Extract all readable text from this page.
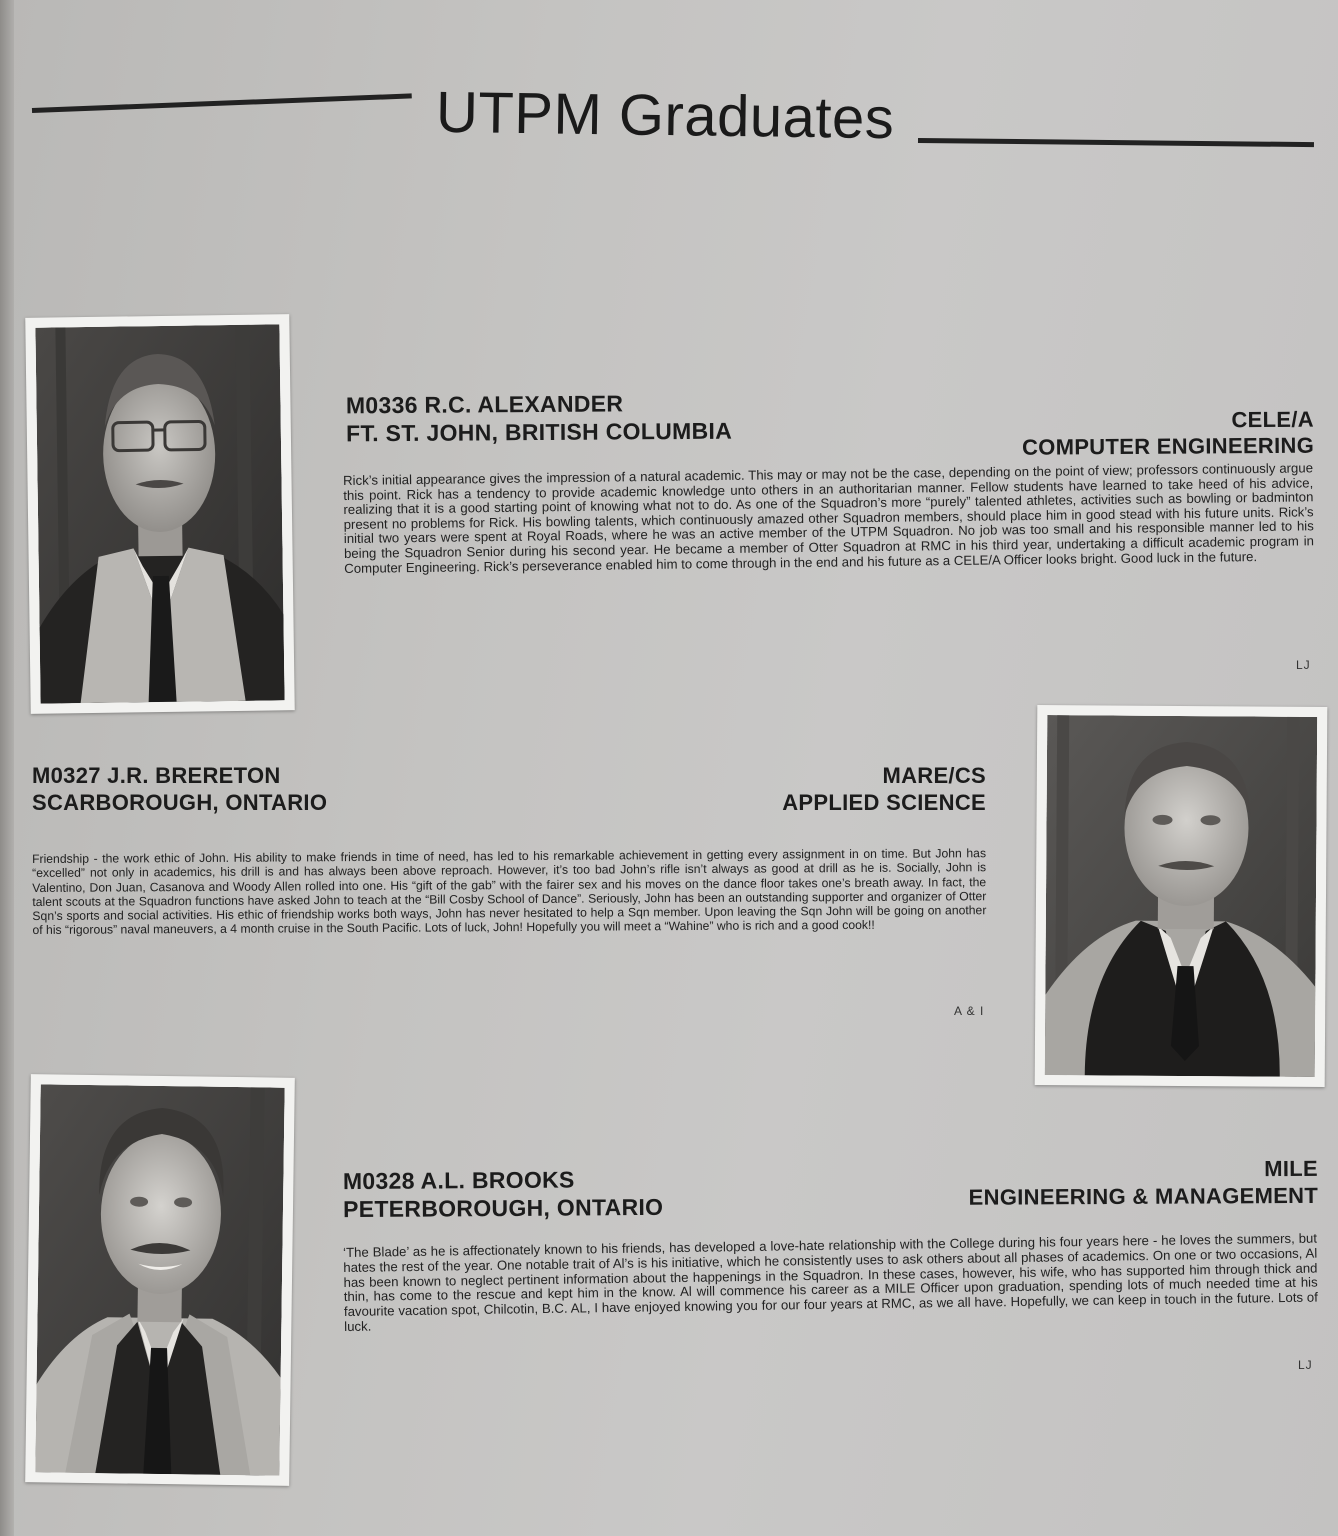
UTPM Graduates
M0336 R.C. ALEXANDER
FT. ST. JOHN, BRITISH COLUMBIA	CELE/A
COMPUTER ENGINEERING
Rick’s initial appearance gives the impression of a natural academic. This may or may not be the case, depending on the point of view; professors continuously argue this point. Rick has a tendency to provide academic knowledge unto others in an authoritarian manner. Fellow students have learned to take heed of his advice, realizing that it is a good starting point of knowing what not to do. As one of the Squadron’s more “purely” talented athletes, activities such as bowling or badminton present no problems for Rick. His bowling talents, which continuously amazed other Squadron members, should place him in good stead with his future units. Rick’s initial two years were spent at Royal Roads, where he was an active member of the UTPM Squadron. No job was too small and his responsible manner led to his being the Squadron Senior during his second year. He became a member of Otter Squadron at RMC in his third year, undertaking a difficult academic program in Computer Engineering. Rick’s perseverance enabled him to come through in the end and his future as a CELE/A Officer looks bright. Good luck in the future.
LJ
M0327 J.R. BRERETON
SCARBOROUGH, ONTARIO
MARE/CS
APPLIED SCIENCE
Friendship - the work ethic of John. His ability to make friends in time of need, has led to his remarkable achievement in getting every assignment in on time. But John has “excelled” not only in academics, his drill is and has always been above reproach. However, it’s too bad John’s rifle isn’t always as good at drill as he is. Socially, John is Valentino, Don Juan, Casanova and Woody Allen rolled into one. His “gift of the gab” with the fairer sex and his moves on the dance floor takes one’s breath away. In fact, the talent scouts at the Squadron functions have asked John to teach at the “Bill Cosby School of Dance”. Seriously, John has been an outstanding supporter and organizer of Otter Sqn’s sports and social activities. His ethic of friendship works both ways, John has never hesitated to help a Sqn member. Upon leaving the Sqn John will be going on another of his “rigorous” naval maneuvers, a 4 month cruise in the South Pacific. Lots of luck, John! Hopefully you will meet a “Wahine” who is rich and a good cook!!
A & I
M0328 A.L. BROOKS
PETERBOROUGH, ONTARIO
MILE
ENGINEERING & MANAGEMENT
‘The Blade’ as he is affectionately known to his friends, has developed a love-hate relationship with the College during his four years here - he loves the summers, but hates the rest of the year. One notable trait of Al’s is his initiative, which he consistently uses to ask others about all phases of academics. On one or two occasions, Al has been known to neglect pertinent information about the happenings in the Squadron. In these cases, however, his wife, who has supported him through thick and thin, has come to the rescue and kept him in the know. Al will commence his career as a MILE Officer upon graduation, spending lots of much needed time at his favourite vacation spot, Chilcotin, B.C. AL, I have enjoyed knowing you for our four years at RMC, as we all have. Hopefully, we can keep in touch in the future. Lots of luck.
LJ
